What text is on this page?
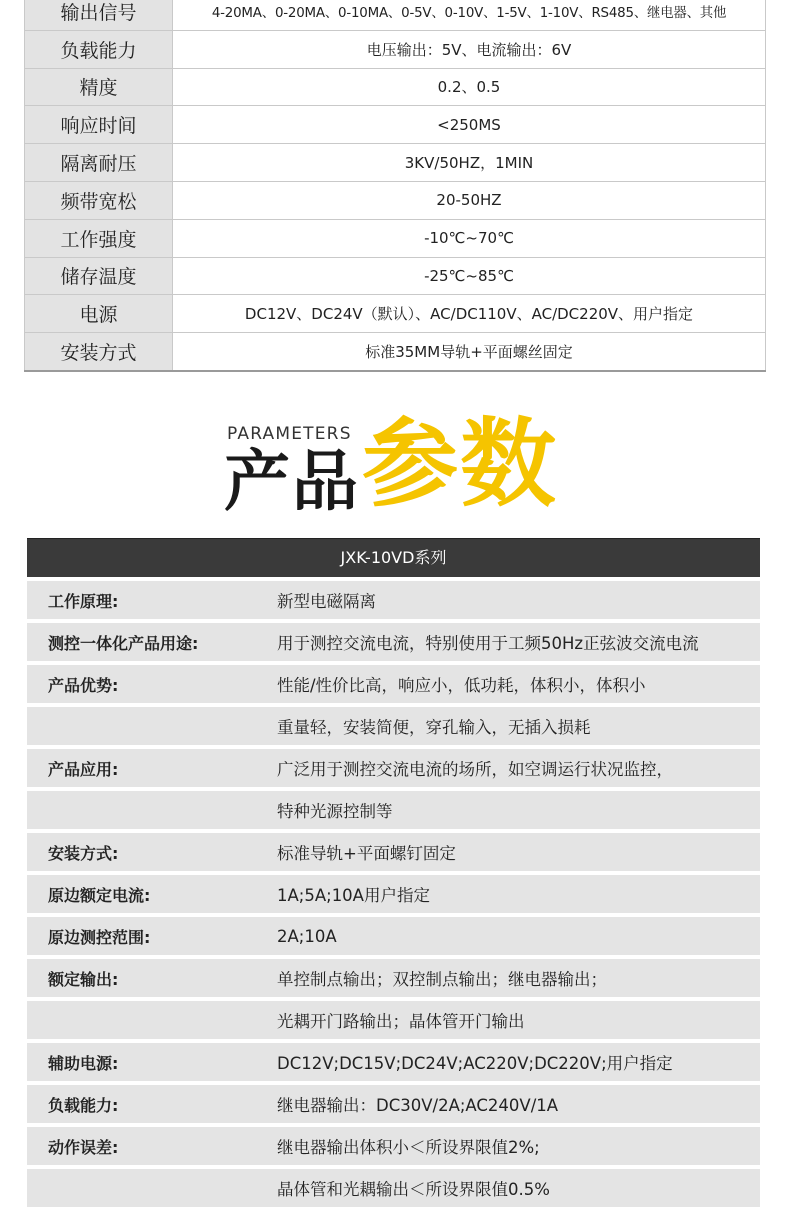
输出信号	4-20MA、0-20MA、0-10MA、0-5V、0-10V、1-5V、1-10V、RS485、继电器、其他
负载能力	电压输出：5V、电流输出：6V
精度	0.2、0.5
响应时间	<250MS
隔离耐压	3KV/50HZ，1MIN
频带宽松	20-50HZ
工作强度	-10℃~70℃
储存温度	-25℃~85℃
电源	DC12V、DC24V（默认）、AC/DC110V、AC/DC220V、用户指定
安装方式	标准35MM导轨+平面螺丝固定
PARAMETERS
产品 参数
JXK-10VD系列
工作原理:	新型电磁隔离
测控一体化产品用途:	用于测控交流电流，特别使用于工频50Hz正弦波交流电流
产品优势:	性能/性价比高，响应小，低功耗，体积小，体积小
重量轻，安装简便，穿孔输入，无插入损耗
产品应用:	广泛用于测控交流电流的场所，如空调运行状况监控，
特种光源控制等
安装方式:	标准导轨+平面螺钉固定
原边额定电流:	1A;5A;10A用户指定
原边测控范围:	2A;10A
额定输出:	单控制点输出；双控制点输出；继电器输出；
光耦开门路输出；晶体管开门输出
辅助电源:	DC12V;DC15V;DC24V;AC220V;DC220V;用户指定
负载能力:	继电器输出：DC30V/2A;AC240V/1A
动作误差:	继电器输出体积小＜所设界限值2%;
晶体管和光耦输出＜所设界限值0.5%
